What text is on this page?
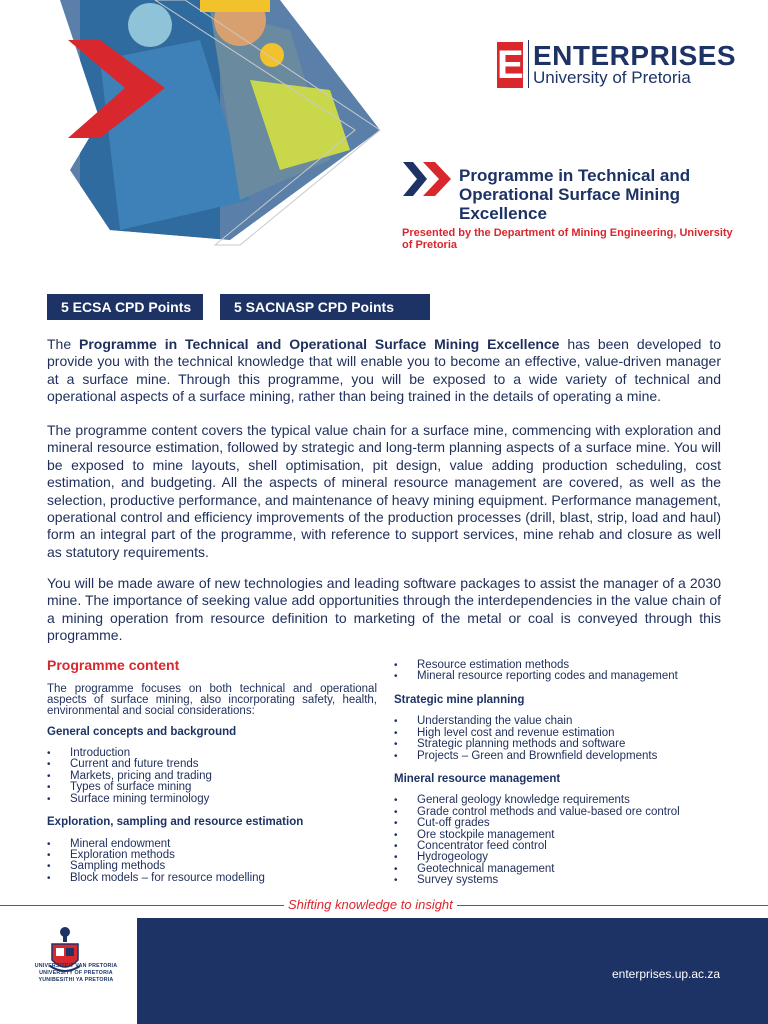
E ENTERPRISES
University of Pretoria
Programme in Technical and Operational Surface Mining Excellence
Presented by the Department of Mining Engineering, University of Pretoria
5 ECSA CPD Points	5 SACNASP CPD Points

The Programme in Technical and Operational Surface Mining Excellence has been developed to provide you with the technical knowledge that will enable you to become an effective, value-driven manager at a surface mine. Through this programme, you will be exposed to a wide variety of technical and operational aspects of a surface mining, rather than being trained in the details of operating a mine.

The programme content covers the typical value chain for a surface mine, commencing with exploration and mineral resource estimation, followed by strategic and long-term planning aspects of a surface mine. You will be exposed to mine layouts, shell optimisation, pit design, value adding production scheduling, cost estimation, and budgeting. All the aspects of mineral resource management are covered, as well as the selection, productive performance, and maintenance of heavy mining equipment. Performance management, operational control and efficiency improvements of the production processes (drill, blast, strip, load and haul) form an integral part of the programme, with reference to support services, mine rehab and closure as well as statutory requirements.

You will be made aware of new technologies and leading software packages to assist the manager of a 2030 mine. The importance of seeking value add opportunities through the interdependencies in the value chain of a mining operation from resource definition to marketing of the metal or coal is conveyed through this programme.

Programme content
The programme focuses on both technical and operational aspects of surface mining, also incorporating safety, health, environmental and social considerations:
General concepts and background
• Introduction
• Current and future trends
• Markets, pricing and trading
• Types of surface mining
• Surface mining terminology
Exploration, sampling and resource estimation
• Mineral endowment
• Exploration methods
• Sampling methods
• Block models – for resource modelling
• Resource estimation methods
• Mineral resource reporting codes and management
Strategic mine planning
• Understanding the value chain
• High level cost and revenue estimation
• Strategic planning methods and software
• Projects – Green and Brownfield developments
Mineral resource management
• General geology knowledge requirements
• Grade control methods and value-based ore control
• Cut-off grades
• Ore stockpile management
• Concentrator feed control
• Hydrogeology
• Geotechnical management
• Survey systems
Shifting knowledge to insight
UNIVERSITEIT VAN PRETORIA
UNIVERSITY OF PRETORIA
YUNIBESITHI YA PRETORIA	enterprises.up.ac.za
